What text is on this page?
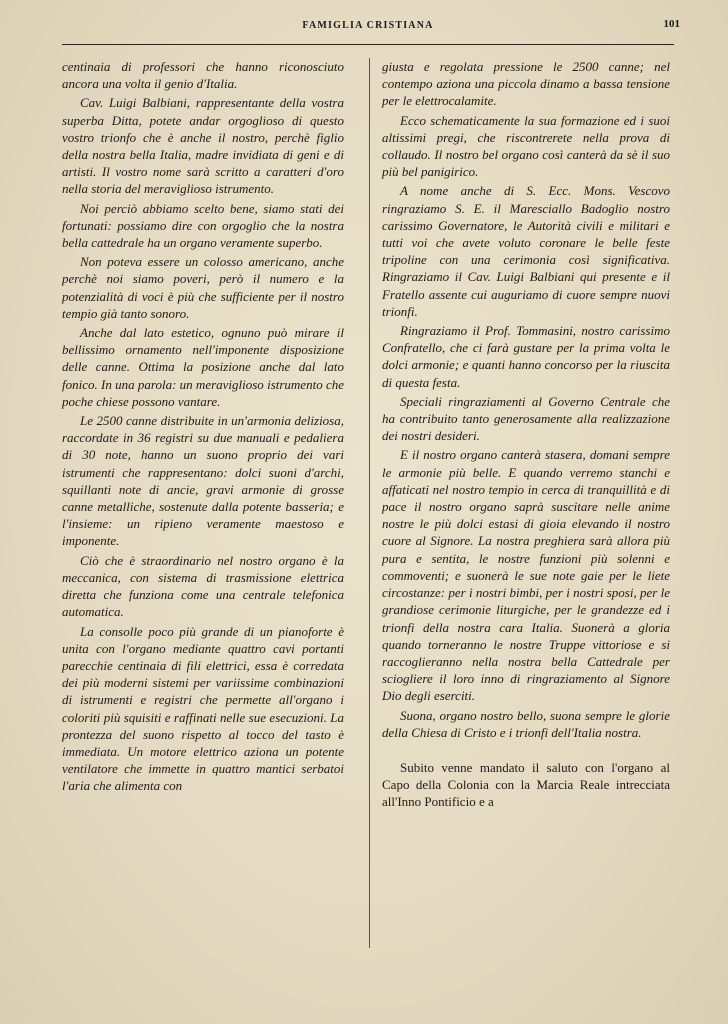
FAMIGLIA CRISTIANA	101

centinaia di professori che hanno riconosciuto ancora una volta il genio d'Italia.

Cav. Luigi Balbiani, rappresentante della vostra superba Ditta, potete andar orgoglioso di questo vostro trionfo che è anche il nostro, perchè figlio della nostra bella Italia, madre invidiata di geni e di artisti. Il vostro nome sarà scritto a caratteri d'oro nella storia del meraviglioso istrumento.

Noi perciò abbiamo scelto bene, siamo stati dei fortunati: possiamo dire con orgoglio che la nostra bella cattedrale ha un organo veramente superbo.

Non poteva essere un colosso americano, anche perchè noi siamo poveri, però il numero e la potenzialità di voci è più che sufficiente per il nostro tempio già tanto sonoro.

Anche dal lato estetico, ognuno può mirare il bellissimo ornamento nell'imponente disposizione delle canne. Ottima la posizione anche dal lato fonico. In una parola: un meraviglioso istrumento che poche chiese possono vantare.

Le 2500 canne distribuite in un'armonia deliziosa, raccordate in 36 registri su due manuali e pedaliera di 30 note, hanno un suono proprio dei vari istrumenti che rappresentano: dolci suoni d'archi, squillanti note di ancie, gravi armonie di grosse canne metalliche, sostenute dalla potente basseria; e l'insieme: un ripieno veramente maestoso e imponente.

Ciò che è straordinario nel nostro organo è la meccanica, con sistema di trasmissione elettrica diretta che funziona come una centrale telefonica automatica.

La consolle poco più grande di un pianoforte è unita con l'organo mediante quattro cavi portanti parecchie centinaia di fili elettrici, essa è corredata dei più moderni sistemi per variissime combinazioni di istrumenti e registri che permette all'organo i coloriti più squisiti e raffinati nelle sue esecuzioni. La prontezza del suono rispetto al tocco del tasto è immediata. Un motore elettrico aziona un potente ventilatore che immette in quattro mantici serbatoi l'aria che alimenta con

giusta e regolata pressione le 2500 canne; nel contempo aziona una piccola dinamo a bassa tensione per le elettrocalamite.

Ecco schematicamente la sua formazione ed i suoi altissimi pregi, che riscontrerete nella prova di collaudo. Il nostro bel organo così canterà da sè il suo più bel panigirico.

A nome anche di S. Ecc. Mons. Vescovo ringraziamo S. E. il Maresciallo Badoglio nostro carissimo Governatore, le Autorità civili e militari e tutti voi che avete voluto coronare le belle feste tripoline con una cerimonia così significativa. Ringraziamo il Cav. Luigi Balbiani qui presente e il Fratello assente cui auguriamo di cuore sempre nuovi trionfi.

Ringraziamo il Prof. Tommasini, nostro carissimo Confratello, che ci farà gustare per la prima volta le dolci armonie; e quanti hanno concorso per la riuscita di questa festa.

Speciali ringraziamenti al Governo Centrale che ha contribuito tanto generosamente alla realizzazione dei nostri desideri.

E il nostro organo canterà stasera, domani sempre le armonie più belle. E quando verremo stanchi e affaticati nel nostro tempio in cerca di tranquillità e di pace il nostro organo saprà suscitare nelle anime nostre le più dolci estasi di gioia elevando il nostro cuore al Signore. La nostra preghiera sarà allora più pura e sentita, le nostre funzioni più solenni e commoventi; e suonerà le sue note gaie per le liete circostanze: per i nostri bimbi, per i nostri sposi, per le grandiose cerimonie liturgiche, per le grandezze ed i trionfi della nostra cara Italia. Suonerà a gloria quando torneranno le nostre Truppe vittoriose e si raccoglieranno nella nostra bella Cattedrale per sciogliere il loro inno di ringraziamento al Signore Dio degli eserciti.

Suona, organo nostro bello, suona sempre le glorie della Chiesa di Cristo e i trionfi dell'Italia nostra.

Subito venne mandato il saluto con l'organo al Capo della Colonia con la Marcia Reale intrecciata all'Inno Pontificio e a
